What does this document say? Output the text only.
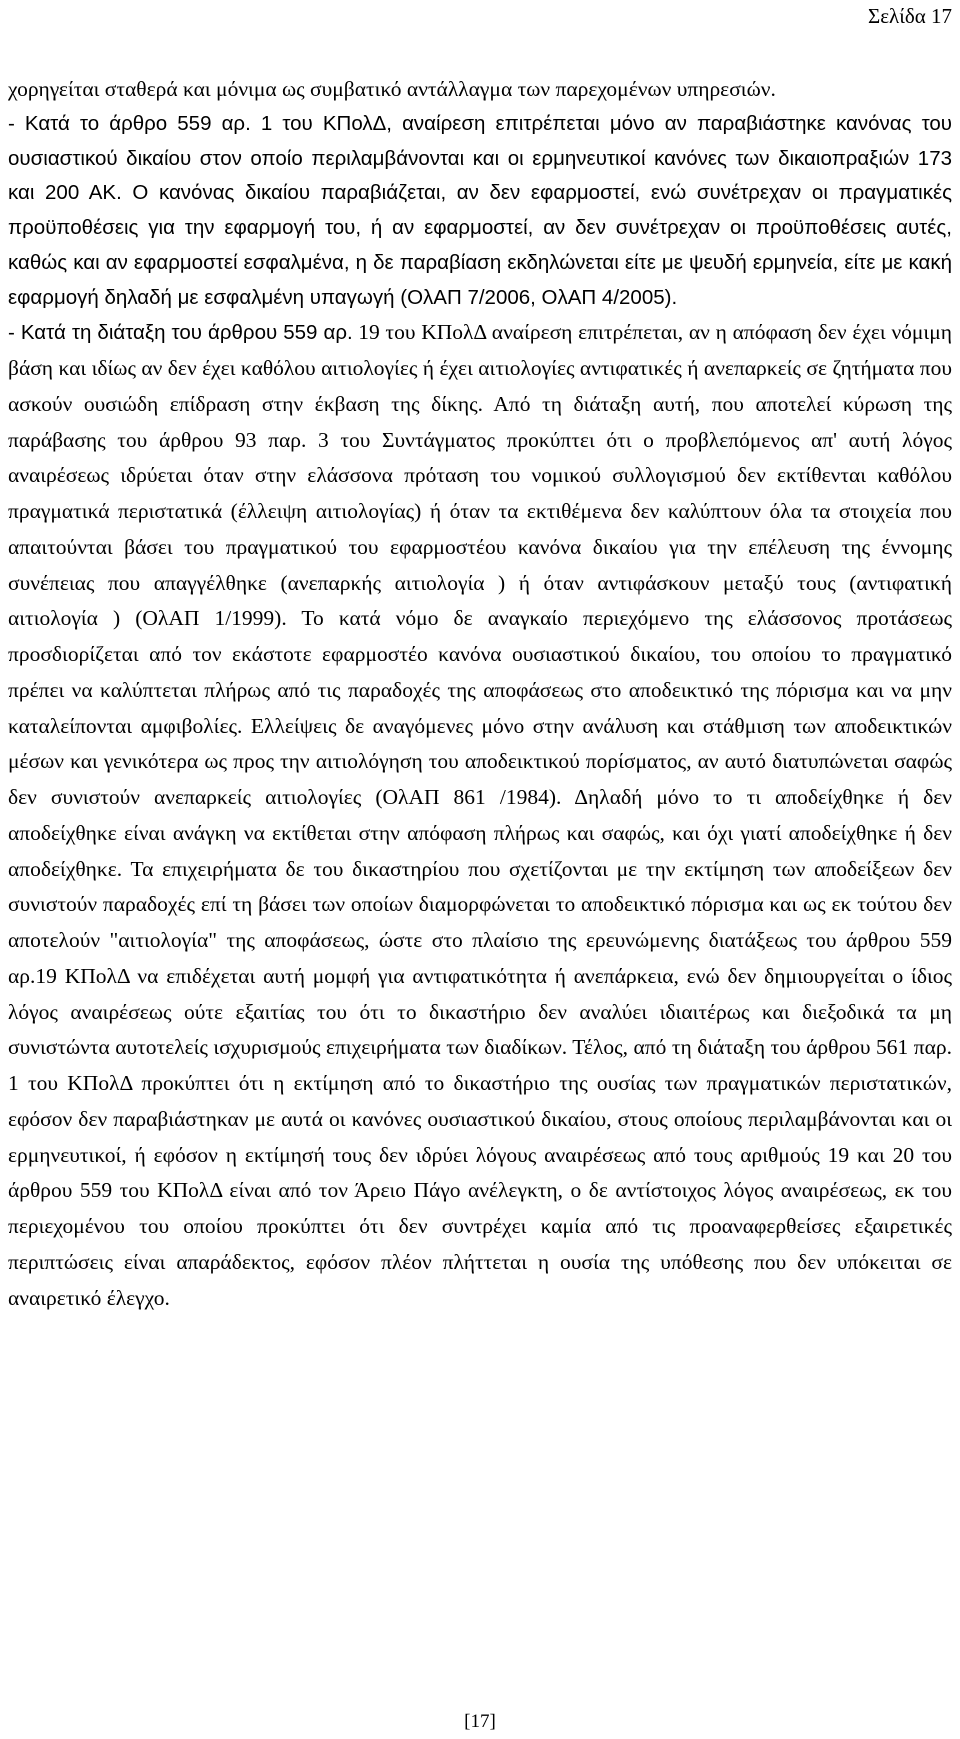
Σελίδα 17

χορηγείται σταθερά και μόνιμα ως συμβατικό αντάλλαγμα των παρεχομένων υπηρεσιών.

- Κατά το άρθρο 559 αρ. 1 του ΚΠολΔ, αναίρεση επιτρέπεται μόνο αν παραβιάστηκε κανόνας του ουσιαστικού δικαίου στον οποίο περιλαμβάνονται και οι ερμηνευτικοί κανόνες των δικαιοπραξιών 173 και 200 ΑΚ. Ο κανόνας δικαίου παραβιάζεται, αν δεν εφαρμοστεί, ενώ συνέτρεχαν οι πραγματικές προϋποθέσεις για την εφαρμογή του, ή αν εφαρμοστεί, αν δεν συνέτρεχαν οι προϋποθέσεις αυτές, καθώς και αν εφαρμοστεί εσφαλμένα, η δε παραβίαση εκδηλώνεται είτε με ψευδή ερμηνεία, είτε με κακή εφαρμογή δηλαδή με εσφαλμένη υπαγωγή (ΟλΑΠ 7/2006, ΟλΑΠ 4/2005).

- Κατά τη διάταξη του άρθρου 559 αρ. 19 του ΚΠολΔ αναίρεση επιτρέπεται, αν η απόφαση δεν έχει νόμιμη βάση και ιδίως αν δεν έχει καθόλου αιτιολογίες ή έχει αιτιολογίες αντιφατικές ή ανεπαρκείς σε ζητήματα που ασκούν ουσιώδη επίδραση στην έκβαση της δίκης. Από τη διάταξη αυτή, που αποτελεί κύρωση της παράβασης του άρθρου 93 παρ. 3 του Συντάγματος προκύπτει ότι ο προβλεπόμενος απ' αυτή λόγος αναιρέσεως ιδρύεται όταν στην ελάσσονα πρόταση του νομικού συλλογισμού δεν εκτίθενται καθόλου πραγματικά περιστατικά (έλλειψη αιτιολογίας) ή όταν τα εκτιθέμενα δεν καλύπτουν όλα τα στοιχεία που απαιτούνται βάσει του πραγματικού του εφαρμοστέου κανόνα δικαίου για την επέλευση της έννομης συνέπειας που απαγγέλθηκε (ανεπαρκής αιτιολογία ) ή όταν αντιφάσκουν μεταξύ τους (αντιφατική αιτιολογία ) (ΟλΑΠ 1/1999). Το κατά νόμο δε αναγκαίο περιεχόμενο της ελάσσονος προτάσεως προσδιορίζεται από τον εκάστοτε εφαρμοστέο κανόνα ουσιαστικού δικαίου, του οποίου το πραγματικό πρέπει να καλύπτεται πλήρως από τις παραδοχές της αποφάσεως στο αποδεικτικό της πόρισμα και να μην καταλείπονται αμφιβολίες. Ελλείψεις δε αναγόμενες μόνο στην ανάλυση και στάθμιση των αποδεικτικών μέσων και γενικότερα ως προς την αιτιολόγηση του αποδεικτικού πορίσματος, αν αυτό διατυπώνεται σαφώς δεν συνιστούν ανεπαρκείς αιτιολογίες (ΟλΑΠ 861 /1984). Δηλαδή μόνο το τι αποδείχθηκε ή δεν αποδείχθηκε είναι ανάγκη να εκτίθεται στην απόφαση πλήρως και σαφώς, και όχι γιατί αποδείχθηκε ή δεν αποδείχθηκε. Τα επιχειρήματα δε του δικαστηρίου που σχετίζονται με την εκτίμηση των αποδείξεων δεν συνιστούν παραδοχές επί τη βάσει των οποίων διαμορφώνεται το αποδεικτικό πόρισμα και ως εκ τούτου δεν αποτελούν "αιτιολογία" της αποφάσεως, ώστε στο πλαίσιο της ερευνώμενης διατάξεως του άρθρου 559 αρ.19 ΚΠολΔ να επιδέχεται αυτή μομφή για αντιφατικότητα ή ανεπάρκεια, ενώ δεν δημιουργείται ο ίδιος λόγος αναιρέσεως ούτε εξαιτίας του ότι το δικαστήριο δεν αναλύει ιδιαιτέρως και διεξοδικά τα μη συνιστώντα αυτοτελείς ισχυρισμούς επιχειρήματα των διαδίκων. Τέλος, από τη διάταξη του άρθρου 561 παρ. 1 του ΚΠολΔ προκύπτει ότι η εκτίμηση από το δικαστήριο της ουσίας των πραγματικών περιστατικών, εφόσον δεν παραβιάστηκαν με αυτά οι κανόνες ουσιαστικού δικαίου, στους οποίους περιλαμβάνονται και οι ερμηνευτικοί, ή εφόσον η εκτίμησή τους δεν ιδρύει λόγους αναιρέσεως από τους αριθμούς 19 και 20 του άρθρου 559 του ΚΠολΔ είναι από τον Άρειο Πάγο ανέλεγκτη, ο δε αντίστοιχος λόγος αναιρέσεως, εκ του περιεχομένου του οποίου προκύπτει ότι δεν συντρέχει καμία από τις προαναφερθείσες εξαιρετικές περιπτώσεις είναι απαράδεκτος, εφόσον πλέον πλήττεται η ουσία της υπόθεσης που δεν υπόκειται σε αναιρετικό έλεγχο.

[17]
